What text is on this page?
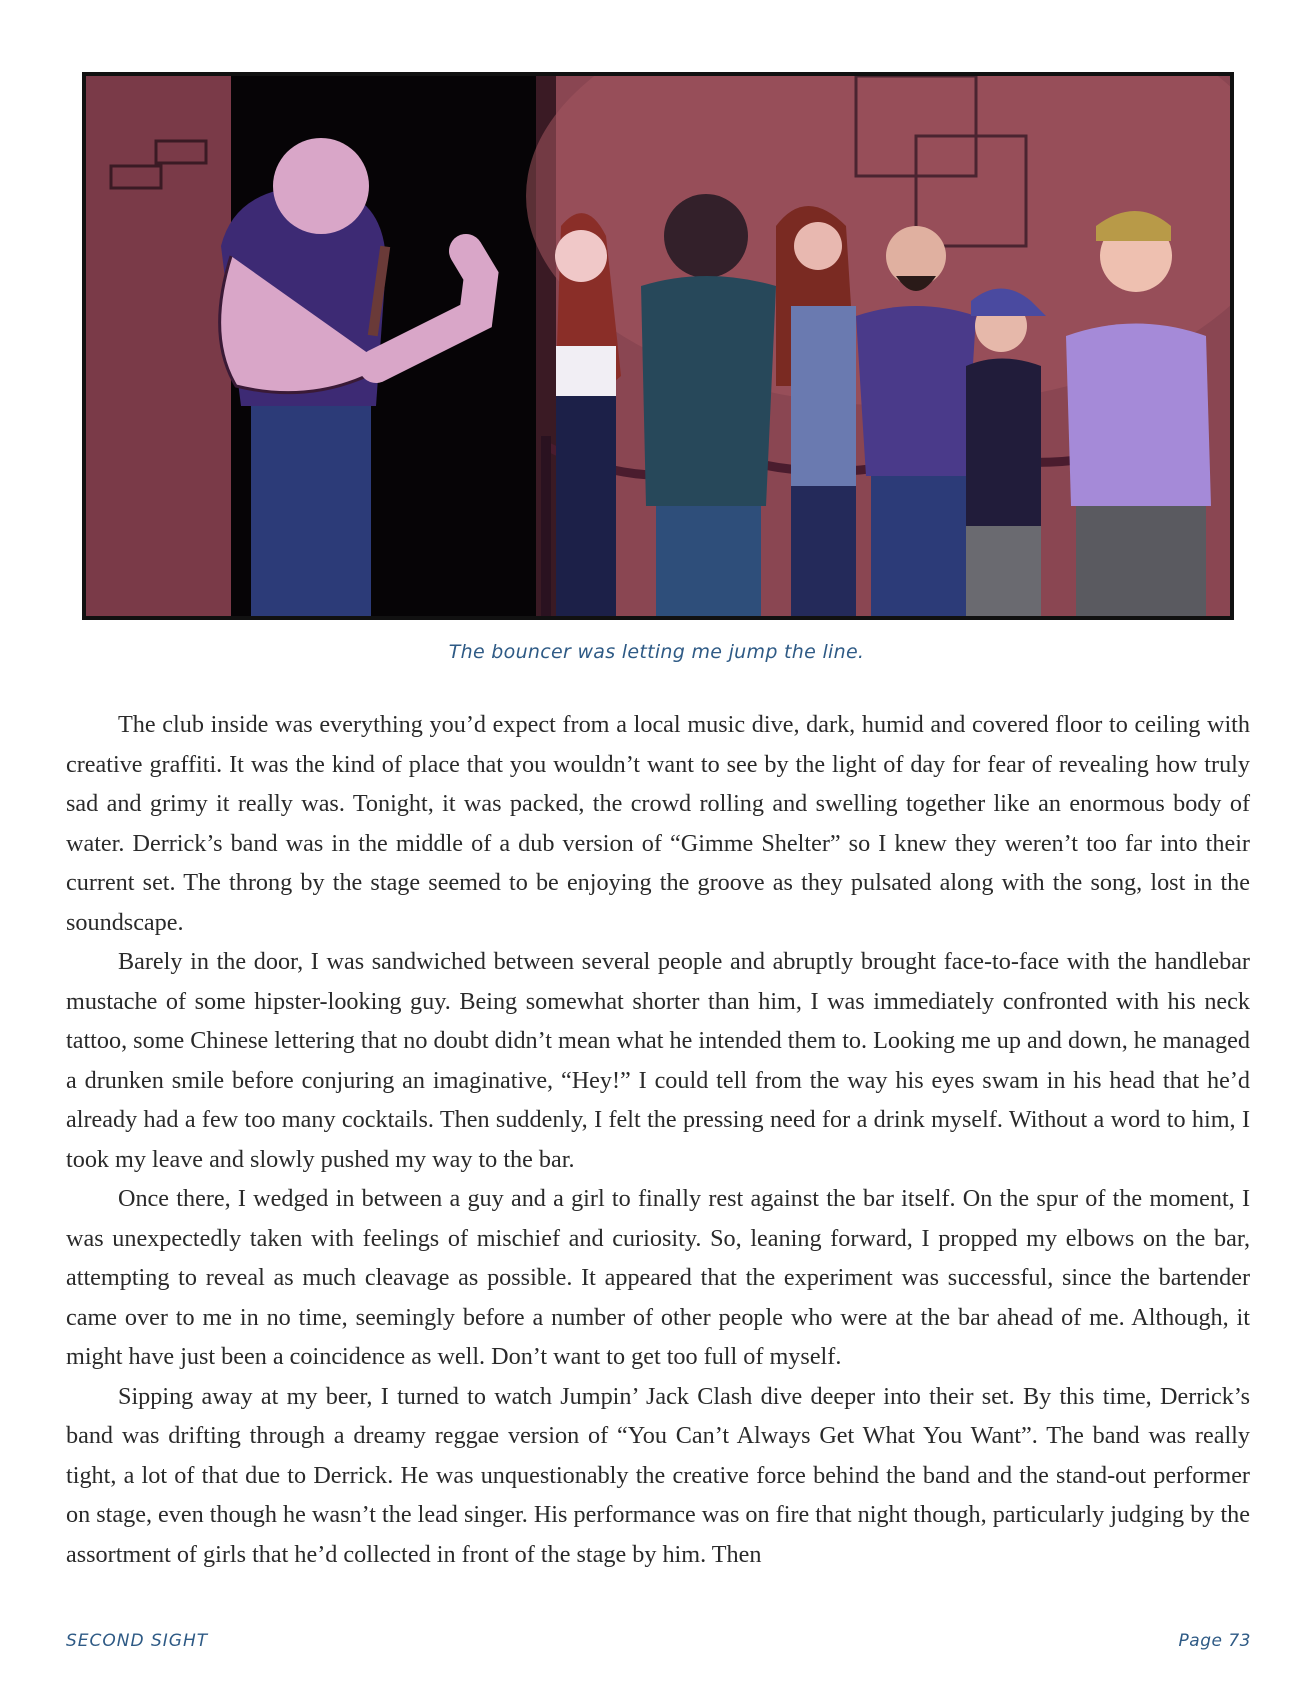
The bouncer was letting me jump the line.

The club inside was everything you’d expect from a local music dive, dark, humid and covered floor to ceiling with creative graffiti. It was the kind of place that you wouldn’t want to see by the light of day for fear of revealing how truly sad and grimy it really was. Tonight, it was packed, the crowd rolling and swelling together like an enormous body of water. Derrick’s band was in the middle of a dub version of “Gimme Shelter” so I knew they weren’t too far into their current set. The throng by the stage seemed to be enjoying the groove as they pulsated along with the song, lost in the soundscape.

Barely in the door, I was sandwiched between several people and abruptly brought face-to-face with the handlebar mustache of some hipster-looking guy. Being somewhat shorter than him, I was immediately confronted with his neck tattoo, some Chinese lettering that no doubt didn’t mean what he intended them to. Looking me up and down, he managed a drunken smile before conjuring an imaginative, “Hey!” I could tell from the way his eyes swam in his head that he’d already had a few too many cocktails. Then suddenly, I felt the pressing need for a drink myself. Without a word to him, I took my leave and slowly pushed my way to the bar.

Once there, I wedged in between a guy and a girl to finally rest against the bar itself. On the spur of the moment, I was unexpectedly taken with feelings of mischief and curiosity. So, leaning forward, I propped my elbows on the bar, attempting to reveal as much cleavage as possible. It appeared that the experiment was successful, since the bartender came over to me in no time, seemingly before a number of other people who were at the bar ahead of me. Although, it might have just been a coincidence as well. Don’t want to get too full of myself.

Sipping away at my beer, I turned to watch Jumpin’ Jack Clash dive deeper into their set. By this time, Derrick’s band was drifting through a dreamy reggae version of “You Can’t Always Get What You Want”. The band was really tight, a lot of that due to Derrick. He was unquestionably the creative force behind the band and the stand-out performer on stage, even though he wasn’t the lead singer. His performance was on fire that night though, particularly judging by the assortment of girls that he’d collected in front of the stage by him. Then

SECOND SIGHT	Page 73
